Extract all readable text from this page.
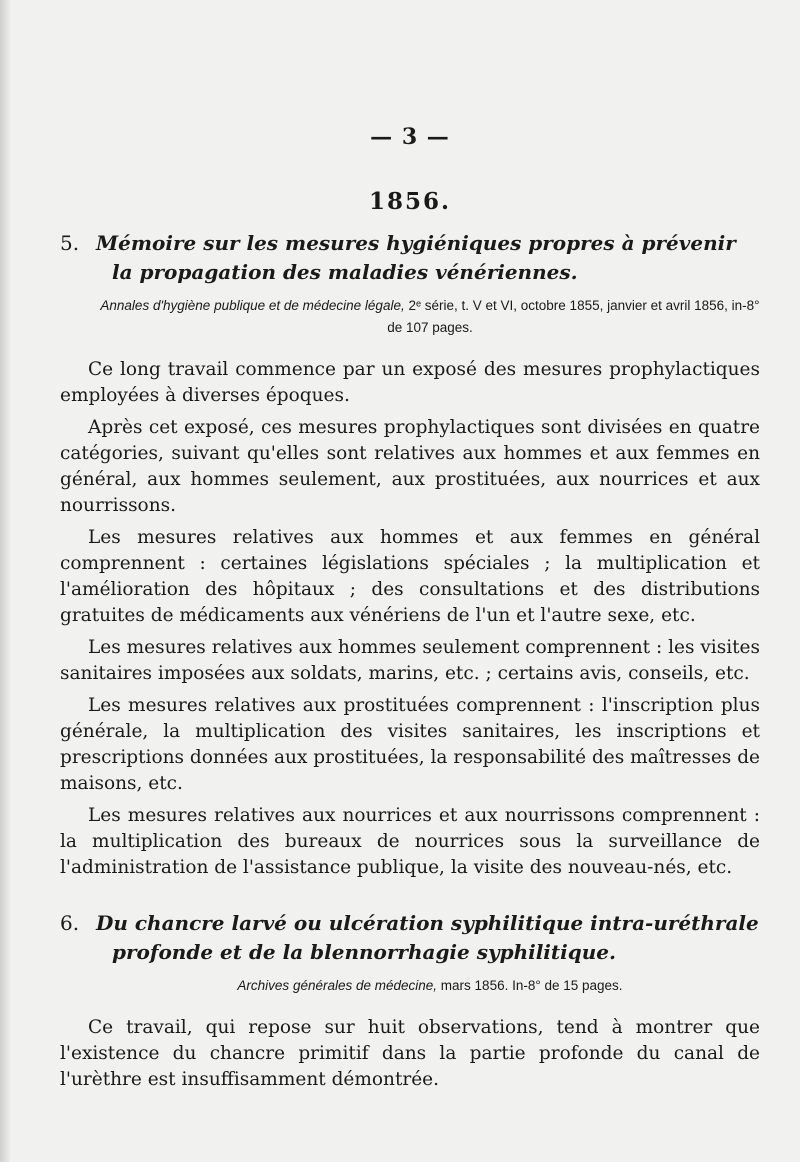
— 3 —
1856.

5. Mémoire sur les mesures hygiéniques propres à prévenir la propagation des maladies vénériennes.

Annales d'hygiène publique et de médecine légale, 2ᵉ série, t. V et VI, octobre 1855, janvier et avril 1856, in-8° de 107 pages.

Ce long travail commence par un exposé des mesures prophylactiques employées à diverses époques.

Après cet exposé, ces mesures prophylactiques sont divisées en quatre catégories, suivant qu'elles sont relatives aux hommes et aux femmes en général, aux hommes seulement, aux prostituées, aux nourrices et aux nourrissons.

Les mesures relatives aux hommes et aux femmes en général comprennent : certaines législations spéciales ; la multiplication et l'amélioration des hôpitaux ; des consultations et des distributions gratuites de médicaments aux vénériens de l'un et l'autre sexe, etc.

Les mesures relatives aux hommes seulement comprennent : les visites sanitaires imposées aux soldats, marins, etc. ; certains avis, conseils, etc.

Les mesures relatives aux prostituées comprennent : l'inscription plus générale, la multiplication des visites sanitaires, les inscriptions et prescriptions données aux prostituées, la responsabilité des maîtresses de maisons, etc.

Les mesures relatives aux nourrices et aux nourrissons comprennent : la multiplication des bureaux de nourrices sous la surveillance de l'administration de l'assistance publique, la visite des nouveau-nés, etc.

6. Du chancre larvé ou ulcération syphilitique intra-uréthrale profonde et de la blennorrhagie syphilitique.

Archives générales de médecine, mars 1856. In-8° de 15 pages.

Ce travail, qui repose sur huit observations, tend à montrer que l'existence du chancre primitif dans la partie profonde du canal de l'urèthre est insuffisamment démontrée.
